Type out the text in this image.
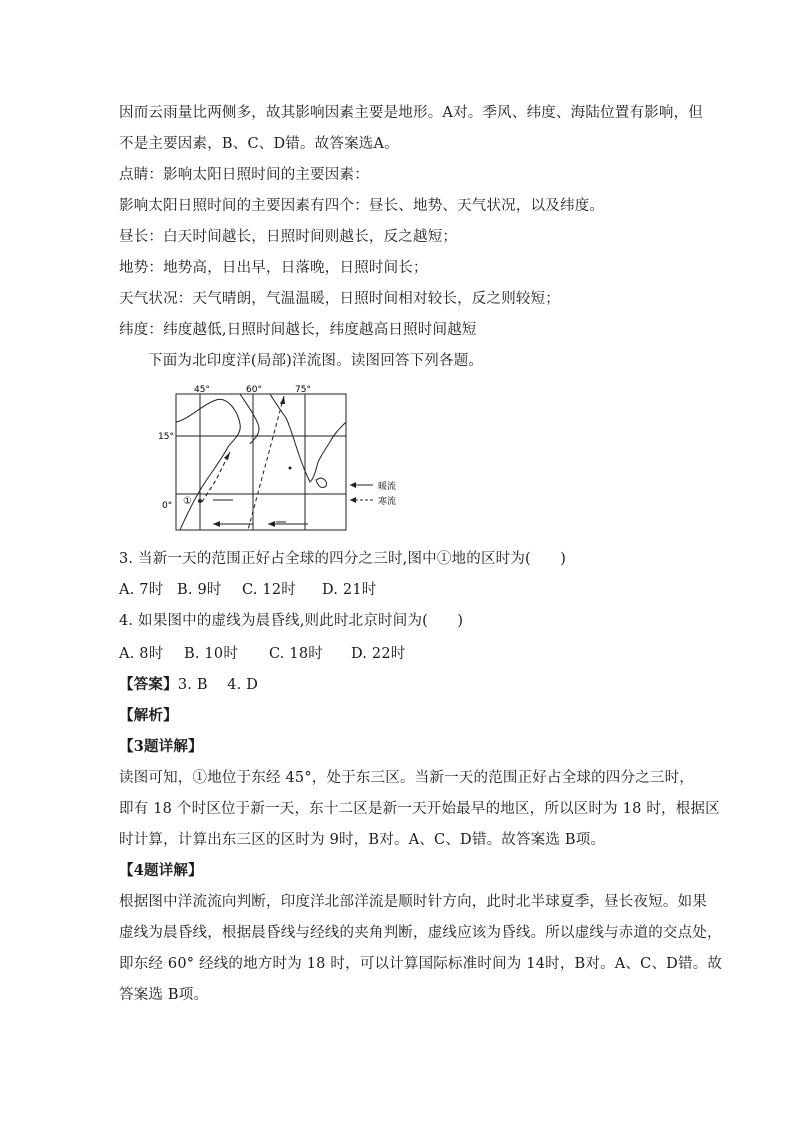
因而云雨量比两侧多，故其影响因素主要是地形。A对。季风、纬度、海陆位置有影响，但
不是主要因素，B、C、D错。故答案选A。
点睛：影响太阳日照时间的主要因素：
影响太阳日照时间的主要因素有四个：昼长、地势、天气状况，以及纬度。
昼长：白天时间越长，日照时间则越长，反之越短；
地势：地势高，日出早，日落晚，日照时间长；
天气状况：天气晴朗，气温温暖，日照时间相对较长，反之则较短；
纬度：纬度越低,日照时间越长，纬度越高日照时间越短
下面为北印度洋(局部)洋流图。读图回答下列各题。
45°	60°	75°
15°
0° ①
暖流
寒流
3. 当新一天的范围正好占全球的四分之三时,图中①地的区时为(　　)
A. 7时 B. 9时 C. 12时 D. 21时
4. 如果图中的虚线为晨昏线,则此时北京时间为(　　)
A. 8时 B. 10时 C. 18时 D. 22时
【答案】3. B　 4. D
【解析】
【3题详解】
读图可知，①地位于东经 45°，处于东三区。当新一天的范围正好占全球的四分之三时，
即有 18 个时区位于新一天，东十二区是新一天开始最早的地区，所以区时为 18 时，根据区
时计算，计算出东三区的区时为 9时，B对。A、C、D错。故答案选 B项。
【4题详解】
根据图中洋流流向判断，印度洋北部洋流是顺时针方向，此时北半球夏季，昼长夜短。如果
虚线为晨昏线，根据晨昏线与经线的夹角判断，虚线应该为昏线。所以虚线与赤道的交点处，
即东经 60° 经线的地方时为 18 时，可以计算国际标准时间为 14时，B对。A、C、D错。故
答案选 B项。
